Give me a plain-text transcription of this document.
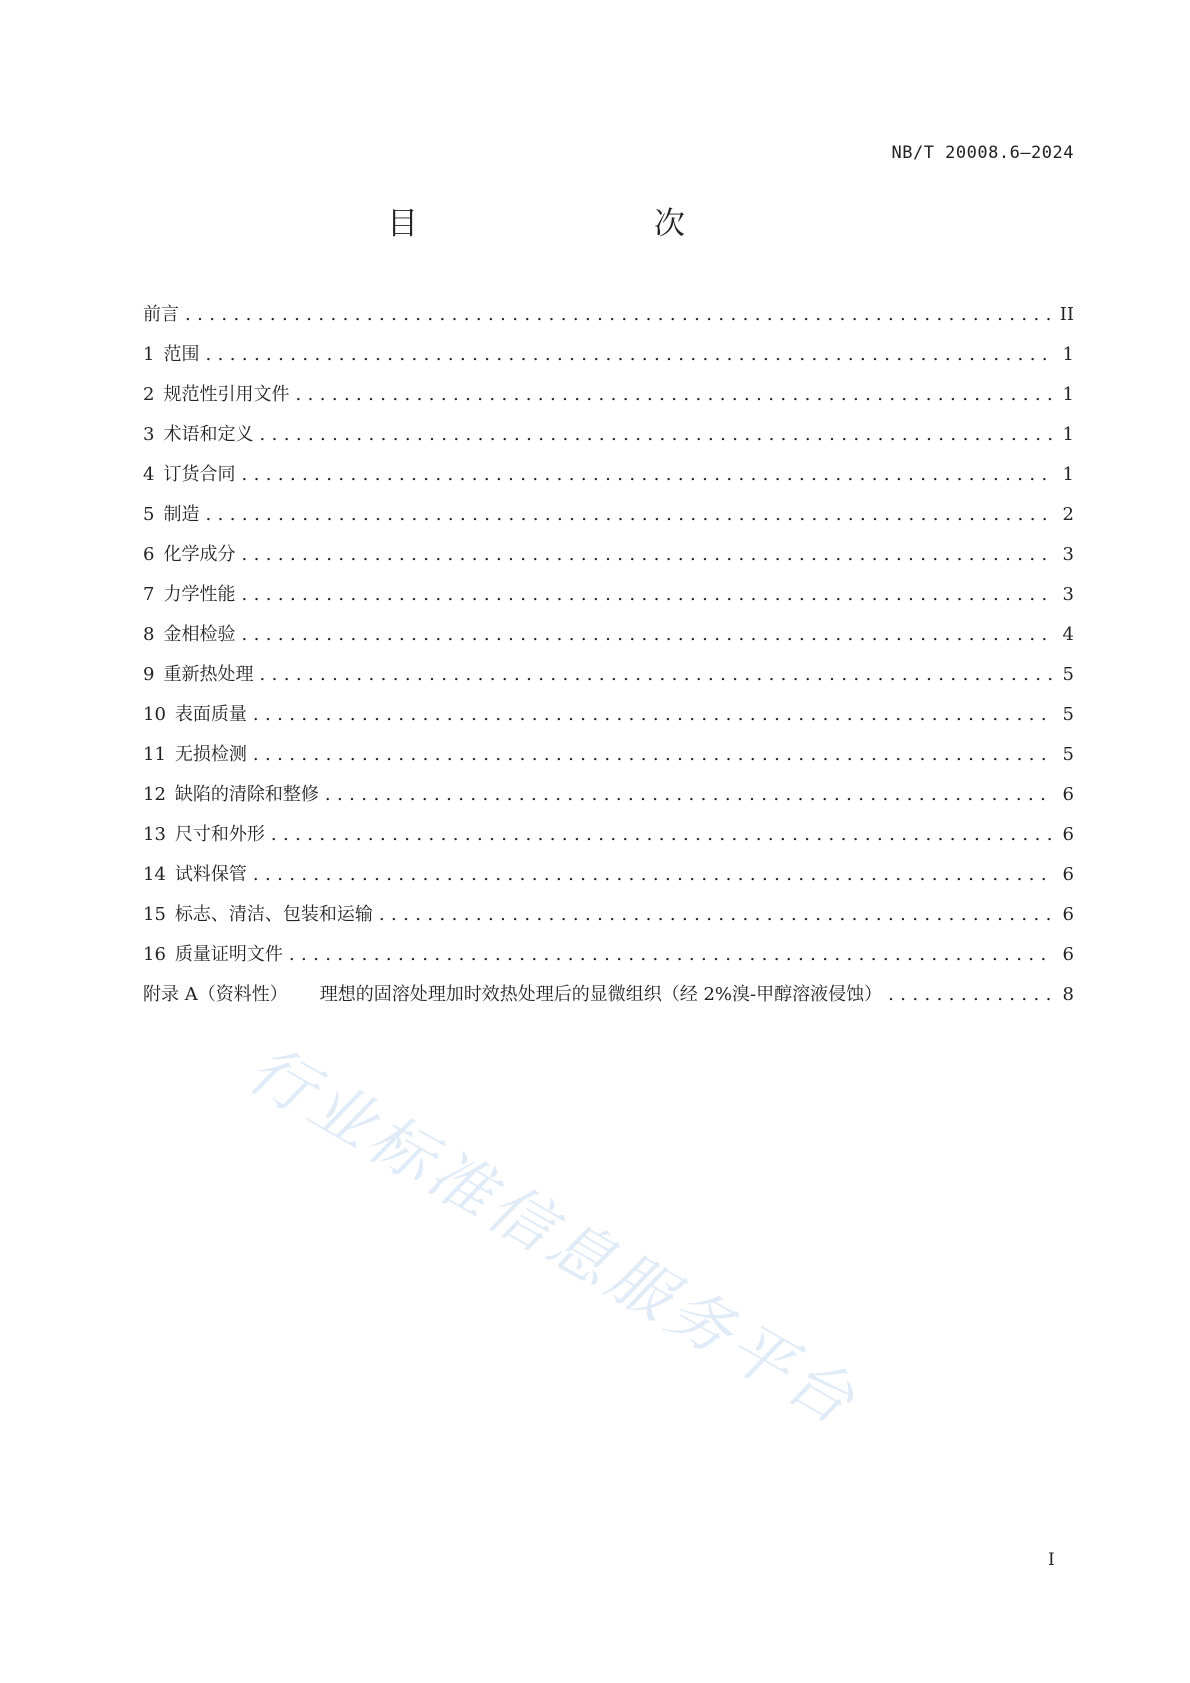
NB/T 20008.6—2024
目　　次
前言 .....	II
1 范围 .....	1
2 规范性引用文件 .....	1
3 术语和定义 .....	1
4 订货合同 .....	1
5 制造 .....	2
6 化学成分 .....	3
7 力学性能 .....	3
8 金相检验 .....	4
9 重新热处理 .....	5
10 表面质量 .....	5
11 无损检测 .....	5
12 缺陷的清除和整修 .....	6
13 尺寸和外形 .....	6
14 试料保管 .....	6
15 标志、清洁、包装和运输 .....	6
16 质量证明文件 .....	6
附录 A（资料性） 理想的固溶处理加时效热处理后的显微组织（经 2%溴-甲醇溶液侵蚀） .....	8
行业标准信息服务平台
I
